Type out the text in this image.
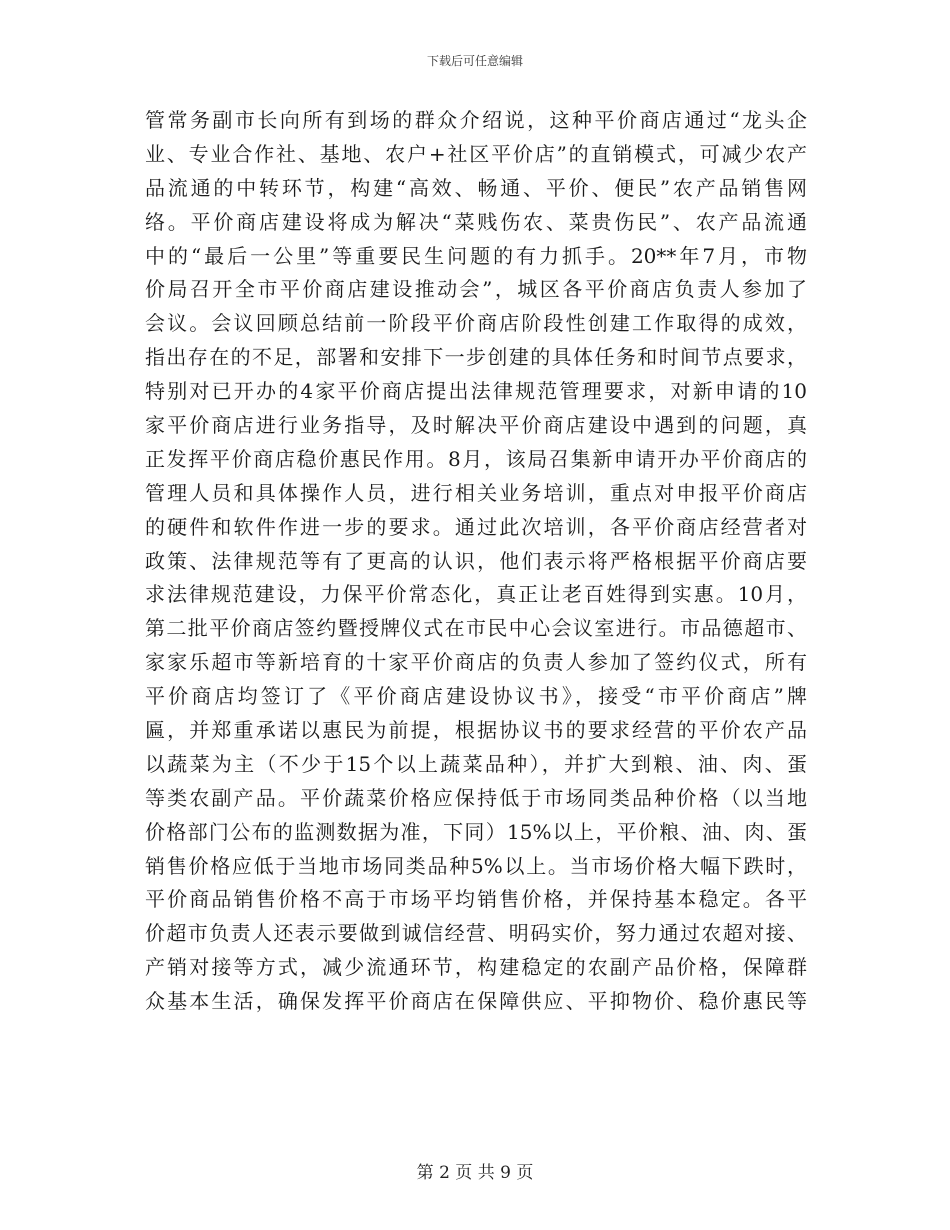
下载后可任意编辑
管常务副市长向所有到场的群众介绍说，这种平价商店通过“龙头企
业、专业合作社、基地、农户+社区平价店”的直销模式，可减少农产
品流通的中转环节，构建“高效、畅通、平价、便民”农产品销售网
络。平价商店建设将成为解决“菜贱伤农、菜贵伤民”、农产品流通
中的“最后一公里”等重要民生问题的有力抓手。20**年7月，市物
价局召开全市平价商店建设推动会”，城区各平价商店负责人参加了
会议。会议回顾总结前一阶段平价商店阶段性创建工作取得的成效，
指出存在的不足，部署和安排下一步创建的具体任务和时间节点要求，
特别对已开办的4家平价商店提出法律规范管理要求，对新申请的10
家平价商店进行业务指导，及时解决平价商店建设中遇到的问题，真
正发挥平价商店稳价惠民作用。8月，该局召集新申请开办平价商店的
管理人员和具体操作人员，进行相关业务培训，重点对申报平价商店
的硬件和软件作进一步的要求。通过此次培训，各平价商店经营者对
政策、法律规范等有了更高的认识，他们表示将严格根据平价商店要
求法律规范建设，力保平价常态化，真正让老百姓得到实惠。10月，
第二批平价商店签约暨授牌仪式在市民中心会议室进行。市品德超市、
家家乐超市等新培育的十家平价商店的负责人参加了签约仪式，所有
平价商店均签订了《平价商店建设协议书》，接受“市平价商店”牌
匾，并郑重承诺以惠民为前提，根据协议书的要求经营的平价农产品
以蔬菜为主（不少于15个以上蔬菜品种），并扩大到粮、油、肉、蛋
等类农副产品。平价蔬菜价格应保持低于市场同类品种价格（以当地
价格部门公布的监测数据为准，下同）15%以上，平价粮、油、肉、蛋
销售价格应低于当地市场同类品种5%以上。当市场价格大幅下跌时，
平价商品销售价格不高于市场平均销售价格，并保持基本稳定。各平
价超市负责人还表示要做到诚信经营、明码实价，努力通过农超对接、
产销对接等方式，减少流通环节，构建稳定的农副产品价格，保障群
众基本生活，确保发挥平价商店在保障供应、平抑物价、稳价惠民等
第 2 页 共 9 页
